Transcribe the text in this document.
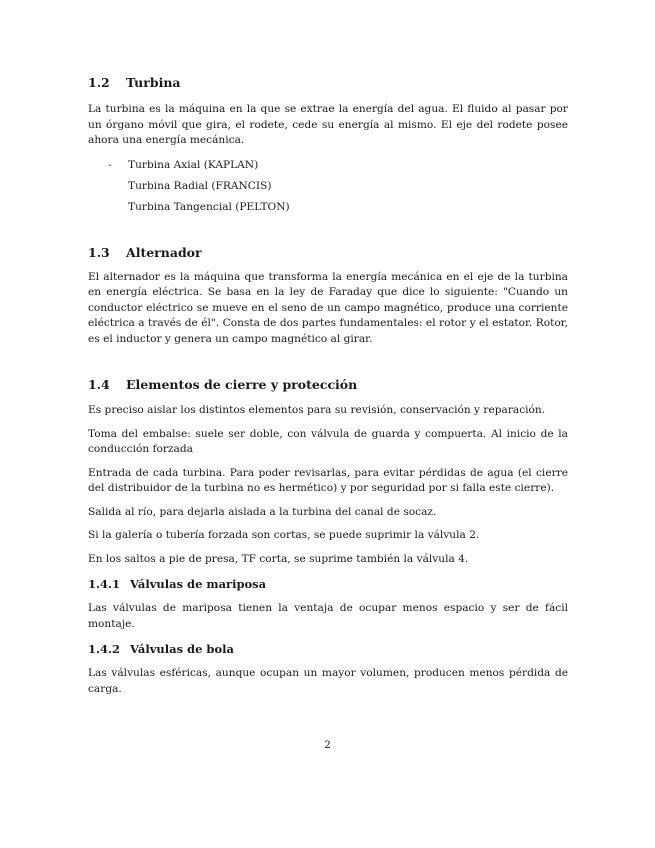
1.2	Turbina

La turbina es la máquina en la que se extrae la energía del agua. El fluido al pasar por un órgano móvil que gira, el rodete, cede su energía al mismo. El eje del rodete posee ahora una energía mecánica.

- Turbina Axial (KAPLAN)
Turbina Radial (FRANCIS)
Turbina Tangencial (PELTON)
1.3	Alternador

El alternador es la máquina que transforma la energía mecánica en el eje de la turbina en energía eléctrica. Se basa en la ley de Faraday que dice lo siguiente: "Cuando un conductor eléctrico se mueve en el seno de un campo magnético, produce una corriente eléctrica a través de él". Consta de dos partes fundamentales: el rotor y el estator. Rotor, es el inductor y genera un campo magnético al girar.

1.4	Elementos de cierre y protección

Es preciso aislar los distintos elementos para su revisión, conservación y reparación.

Toma del embalse: suele ser doble, con válvula de guarda y compuerta. Al inicio de la conducción forzada

Entrada de cada turbina. Para poder revisarlas, para evitar pérdidas de agua (el cierre del distribuidor de la turbina no es hermético) y por seguridad por si falla este cierre).

Salida al río, para dejarla aislada a la turbina del canal de socaz.

Si la galería o tubería forzada son cortas, se puede suprimir la válvula 2.

En los saltos a pie de presa, TF corta, se suprime también la válvula 4.

1.4.1 Válvulas de mariposa

Las válvulas de mariposa tienen la ventaja de ocupar menos espacio y ser de fácil montaje.

1.4.2 Válvulas de bola

Las válvulas esféricas, aunque ocupan un mayor volumen, producen menos pérdida de carga.

2
